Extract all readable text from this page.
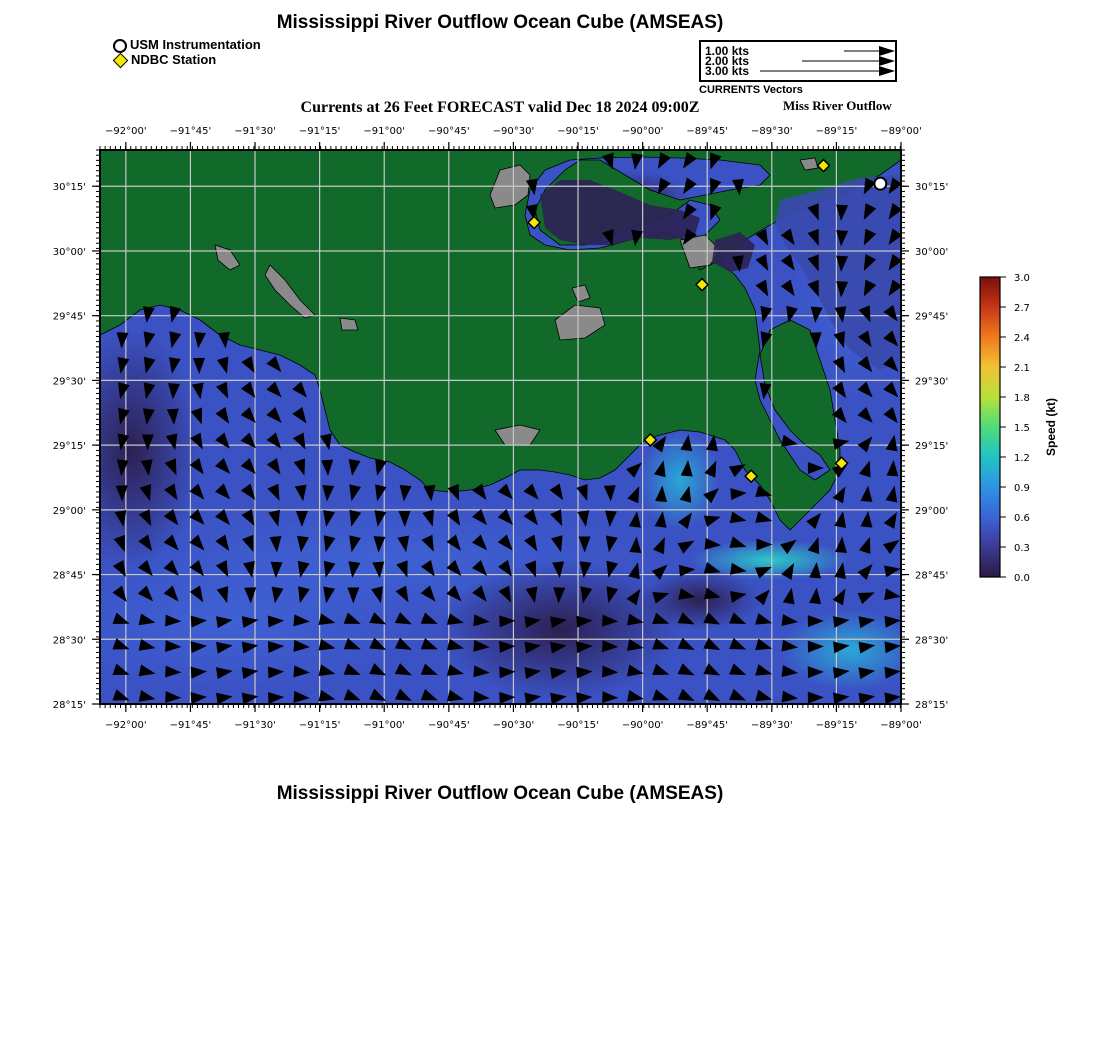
Mississippi River Outflow Ocean Cube (AMSEAS)
USM Instrumentation
NDBC Station
1.00 kts
2.00 kts
3.00 kts
CURRENTS Vectors
Currents at 26 Feet FORECAST valid Dec 18 2024 09:00Z	Miss River Outflow
−92°00' −91°45' −91°30' −91°15' −91°00' −90°45' −90°30' −90°15' −90°00' −89°45' −89°30' −89°15' −89°00'
−92°00' −91°45' −91°30' −91°15' −91°00' −90°45' −90°30' −90°15' −90°00' −89°45' −89°30' −89°15' −89°00'
30°15'
30°00'
29°45'
29°30'
29°15'
29°00'
28°45'
28°30'
28°15'
30°15'
30°00'
29°45'
29°30'
29°15'
29°00'
28°45'
28°30'
28°15'
3.0
2.7
2.4
2.1
1.8
1.5
1.2
0.9
0.6
0.3
0.0
Speed (kt)
Mississippi River Outflow Ocean Cube (AMSEAS)
